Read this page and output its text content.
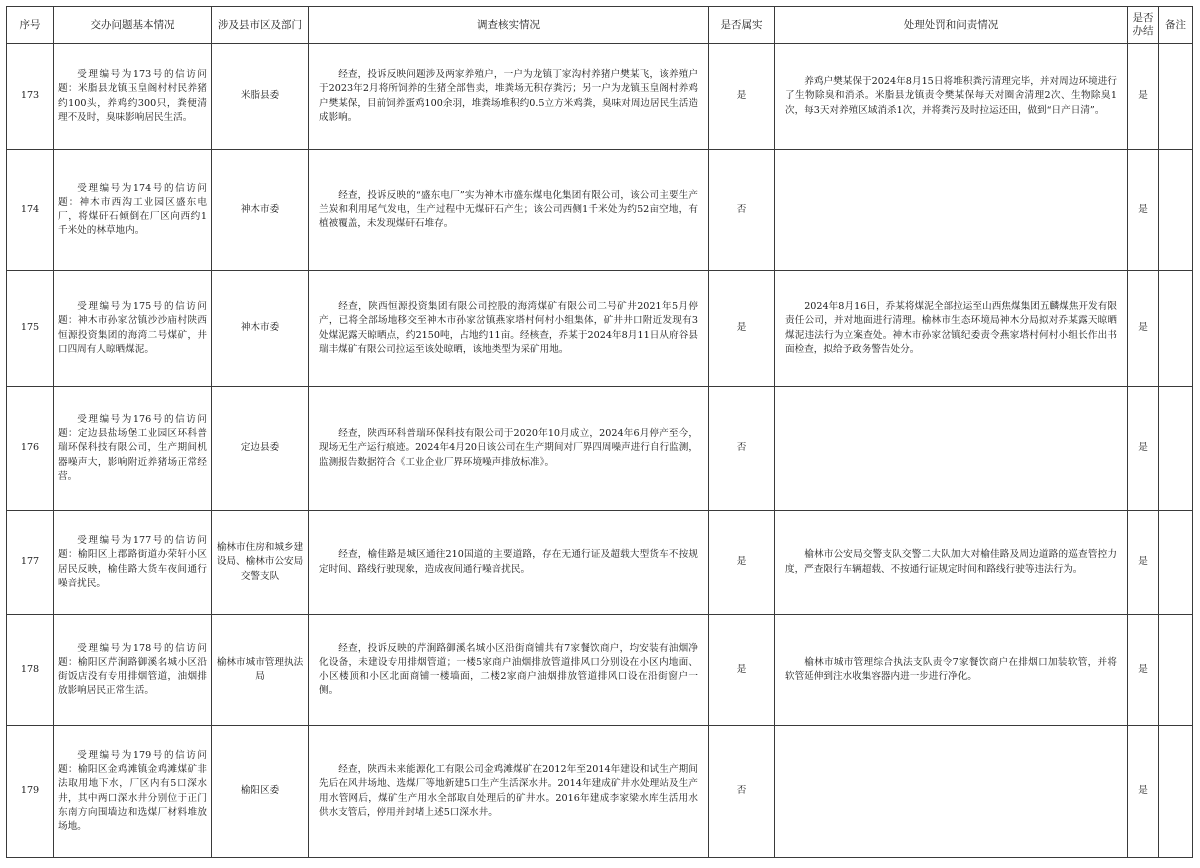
序号	交办问题基本情况	涉及县市区及部门	调查核实情况	是否属实	处理处罚和问责情况	是否办结	备注
173	受理编号为173号的信访问题：米脂县龙镇玉皇阁村村民养猪约100头，养鸡约300只，粪便清理不及时，臭味影响居民生活。	米脂县委	经查，投诉反映问题涉及两家养殖户，一户为龙镇丁家沟村养猪户樊某飞，该养殖户于2023年2月将所饲养的生猪全部售卖，堆粪场无积存粪污；另一户为龙镇玉皇阁村养鸡户樊某保，目前饲养蛋鸡100余羽，堆粪场堆积约0.5立方米鸡粪，臭味对周边居民生活造成影响。	是	养鸡户樊某保于2024年8月15日将堆积粪污清理完毕，并对周边环境进行了生物除臭和消杀。米脂县龙镇责令樊某保每天对圈舍清理2次、生物除臭1次，每3天对养殖区域消杀1次，并将粪污及时拉运还田，做到“日产日清”。	是	
174	受理编号为174号的信访问题：神木市西沟工业园区盛东电厂，将煤矸石倾倒在厂区向西约1千米处的林草地内。	神木市委	经查，投诉反映的“盛东电厂”实为神木市盛东煤电化集团有限公司，该公司主要生产兰炭和利用尾气发电，生产过程中无煤矸石产生；该公司西侧1千米处为约52亩空地，有植被覆盖，未发现煤矸石堆存。	否		是	
175	受理编号为175号的信访问题：神木市孙家岔镇沙沙庙村陕西恒源投资集团的海湾二号煤矿，井口四周有人晾晒煤泥。	神木市委	经查，陕西恒源投资集团有限公司控股的海湾煤矿有限公司二号矿井2021年5月停产，已将全部场地移交至神木市孙家岔镇燕家塔村何村小组集体，矿井井口附近发现有3处煤泥露天晾晒点，约2150吨，占地约11亩。经核查，乔某于2024年8月11日从府谷县瑞丰煤矿有限公司拉运至该处晾晒，该地类型为采矿用地。	是	2024年8月16日，乔某将煤泥全部拉运至山西焦煤集团五麟煤焦开发有限责任公司，并对地面进行清理。榆林市生态环境局神木分局拟对乔某露天晾晒煤泥违法行为立案查处。神木市孙家岔镇纪委责令燕家塔村何村小组长作出书面检查，拟给予政务警告处分。	是	
176	受理编号为176号的信访问题：定边县盐场堡工业园区环科普瑞环保科技有限公司，生产期间机器噪声大，影响附近养猪场正常经营。	定边县委	经查，陕西环科普瑞环保科技有限公司于2020年10月成立，2024年6月停产至今，现场无生产运行痕迹。2024年4月20日该公司在生产期间对厂界四周噪声进行自行监测，监测报告数据符合《工业企业厂界环境噪声排放标准》。	否		是	
177	受理编号为177号的信访问题：榆阳区上郡路街道办荣轩小区居民反映，榆佳路大货车夜间通行噪音扰民。	榆林市住房和城乡建设局、榆林市公安局交警支队	经查，榆佳路是城区通往210国道的主要道路，存在无通行证及超载大型货车不按规定时间、路线行驶现象，造成夜间通行噪音扰民。	是	榆林市公安局交警支队交警二大队加大对榆佳路及周边道路的巡查管控力度，严查限行车辆超载、不按通行证规定时间和路线行驶等违法行为。	是	
178	受理编号为178号的信访问题：榆阳区芹涧路御溪名城小区沿街饭店没有专用排烟管道，油烟排放影响居民正常生活。	榆林市城市管理执法局	经查，投诉反映的芹涧路御溪名城小区沿街商铺共有7家餐饮商户，均安装有油烟净化设备，未建设专用排烟管道；一楼5家商户油烟排放管道排风口分别设在小区内地面、小区楼顶和小区北面商铺一楼墙面，二楼2家商户油烟排放管道排风口设在沿街窗户一侧。	是	榆林市城市管理综合执法支队责令7家餐饮商户在排烟口加装软管，并将软管延伸到注水收集容器内进一步进行净化。	是	
179	受理编号为179号的信访问题：榆阳区金鸡滩镇金鸡滩煤矿非法取用地下水，厂区内有5口深水井，其中两口深水井分别位于正门东南方向围墙边和选煤厂材料堆放场地。	榆阳区委	经查，陕西未来能源化工有限公司金鸡滩煤矿在2012年至2014年建设和试生产期间先后在风井场地、选煤厂等地新建5口生产生活深水井。2014年建成矿井水处理站及生产用水管网后，煤矿生产用水全部取自处理后的矿井水。2016年建成李家梁水库生活用水供水支管后，停用并封堵上述5口深水井。	否		是	
